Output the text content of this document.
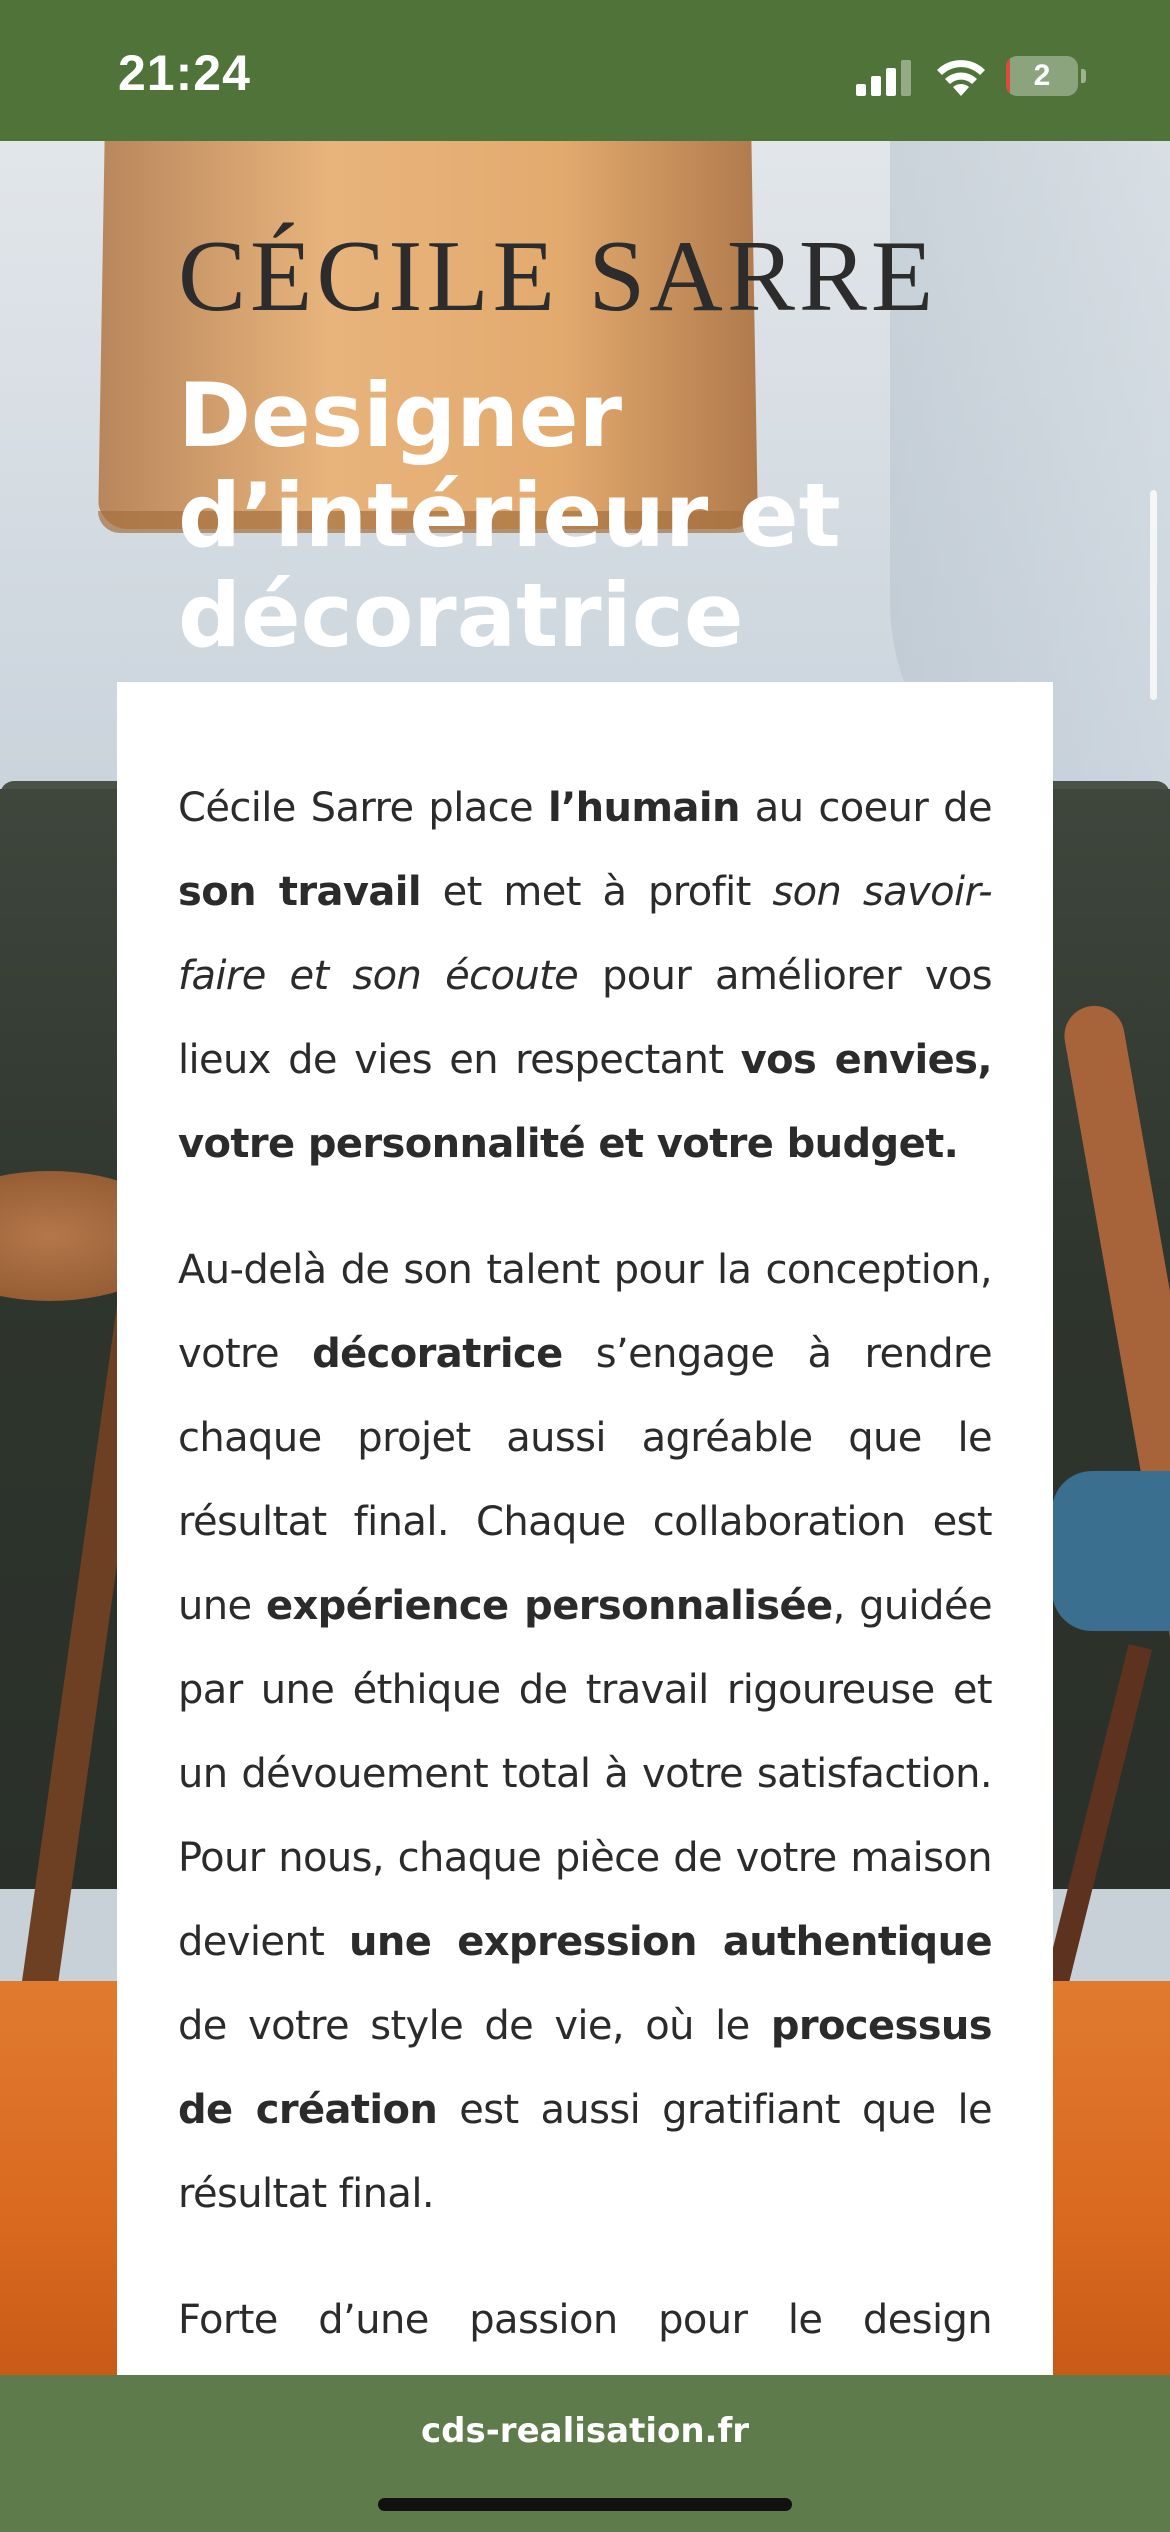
21:24	2
CÉCILE SARRE
Designer d’intérieur et décoratrice

Cécile Sarre place l’humain au coeur de son travail et met à profit son savoir-faire et son écoute pour améliorer vos lieux de vies en respectant vos envies, votre personnalité et votre budget.

Au-delà de son talent pour la conception, votre décoratrice s’engage à rendre chaque projet aussi agréable que le résultat final. Chaque collaboration est une expérience personnalisée, guidée par une éthique de travail rigoureuse et un dévouement total à votre satisfaction. Pour nous, chaque pièce de votre maison devient une expression authentique de votre style de vie, où le processus de création est aussi gratifiant que le résultat final.

Forte d’une passion pour le design

cds-realisation.fr
